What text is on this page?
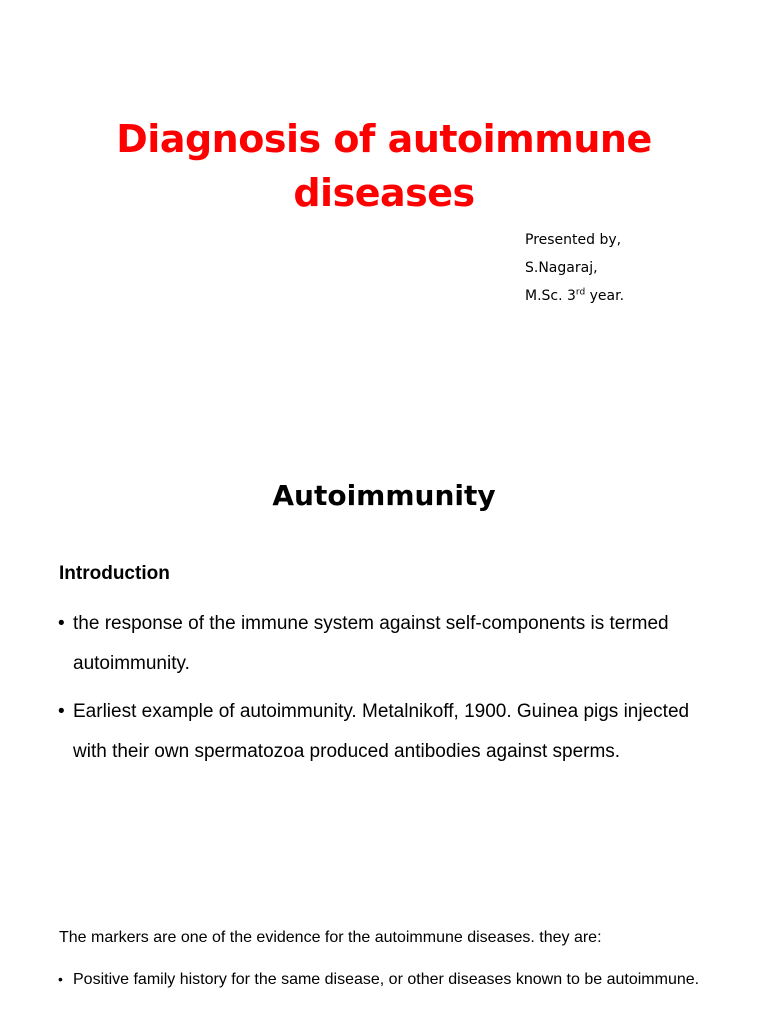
Diagnosis of autoimmune
diseases
Presented by,
S.Nagaraj,
M.Sc. 3rd year.
Autoimmunity
Introduction
• the response of the immune system against self-components is termed autoimmunity.
• Earliest example of autoimmunity. Metalnikoff, 1900. Guinea pigs injected with their own spermatozoa produced antibodies against sperms.

The markers are one of the evidence for the autoimmune diseases. they are:

• Positive family history for the same disease, or other diseases known to be autoimmune.
